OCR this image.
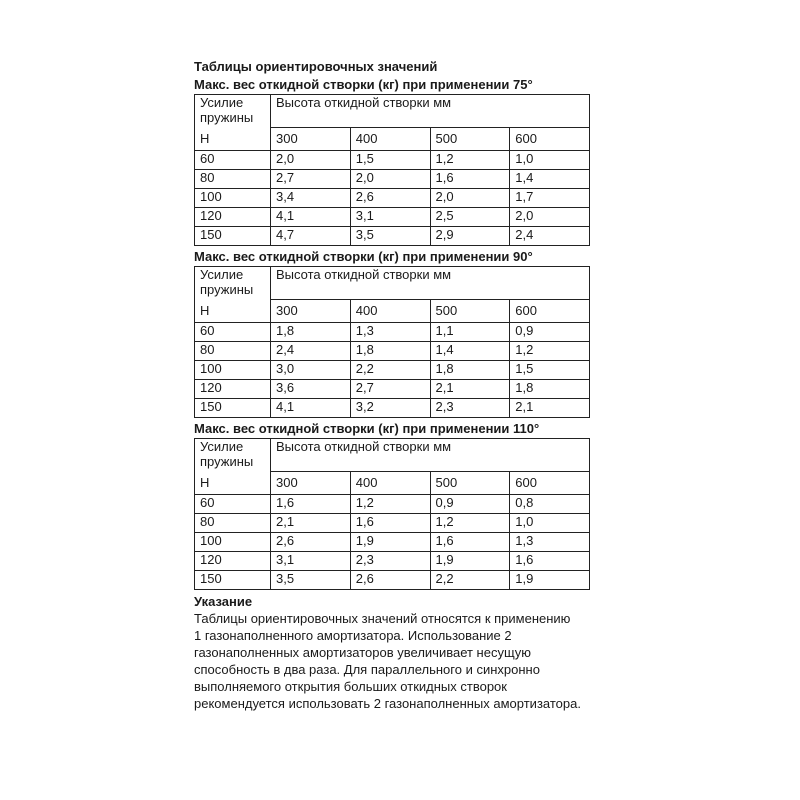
Таблицы ориентировочных значений

Макс. вес откидной створки (кг) при применении 75°

Усилие пружины	Высота откидной створки мм			
Н	300	400	500	600
60	2,0	1,5	1,2	1,0
80	2,7	2,0	1,6	1,4
100	3,4	2,6	2,0	1,7
120	4,1	3,1	2,5	2,0
150	4,7	3,5	2,9	2,4

Макс. вес откидной створки (кг) при применении 90°

Усилие пружины	Высота откидной створки мм			
Н	300	400	500	600
60	1,8	1,3	1,1	0,9
80	2,4	1,8	1,4	1,2
100	3,0	2,2	1,8	1,5
120	3,6	2,7	2,1	1,8
150	4,1	3,2	2,3	2,1

Макс. вес откидной створки (кг) при применении 110°

Усилие пружины	Высота откидной створки мм			
Н	300	400	500	600
60	1,6	1,2	0,9	0,8
80	2,1	1,6	1,2	1,0
100	2,6	1,9	1,6	1,3
120	3,1	2,3	1,9	1,6
150	3,5	2,6	2,2	1,9

Указание

Таблицы ориентировочных значений относятся к применению

1 газонаполненного амортизатора. Использование 2

газонаполненных амортизаторов увеличивает несущую

способность в два раза. Для параллельного и синхронно

выполняемого открытия больших откидных створок

рекомендуется использовать 2 газонаполненных амортизатора.
